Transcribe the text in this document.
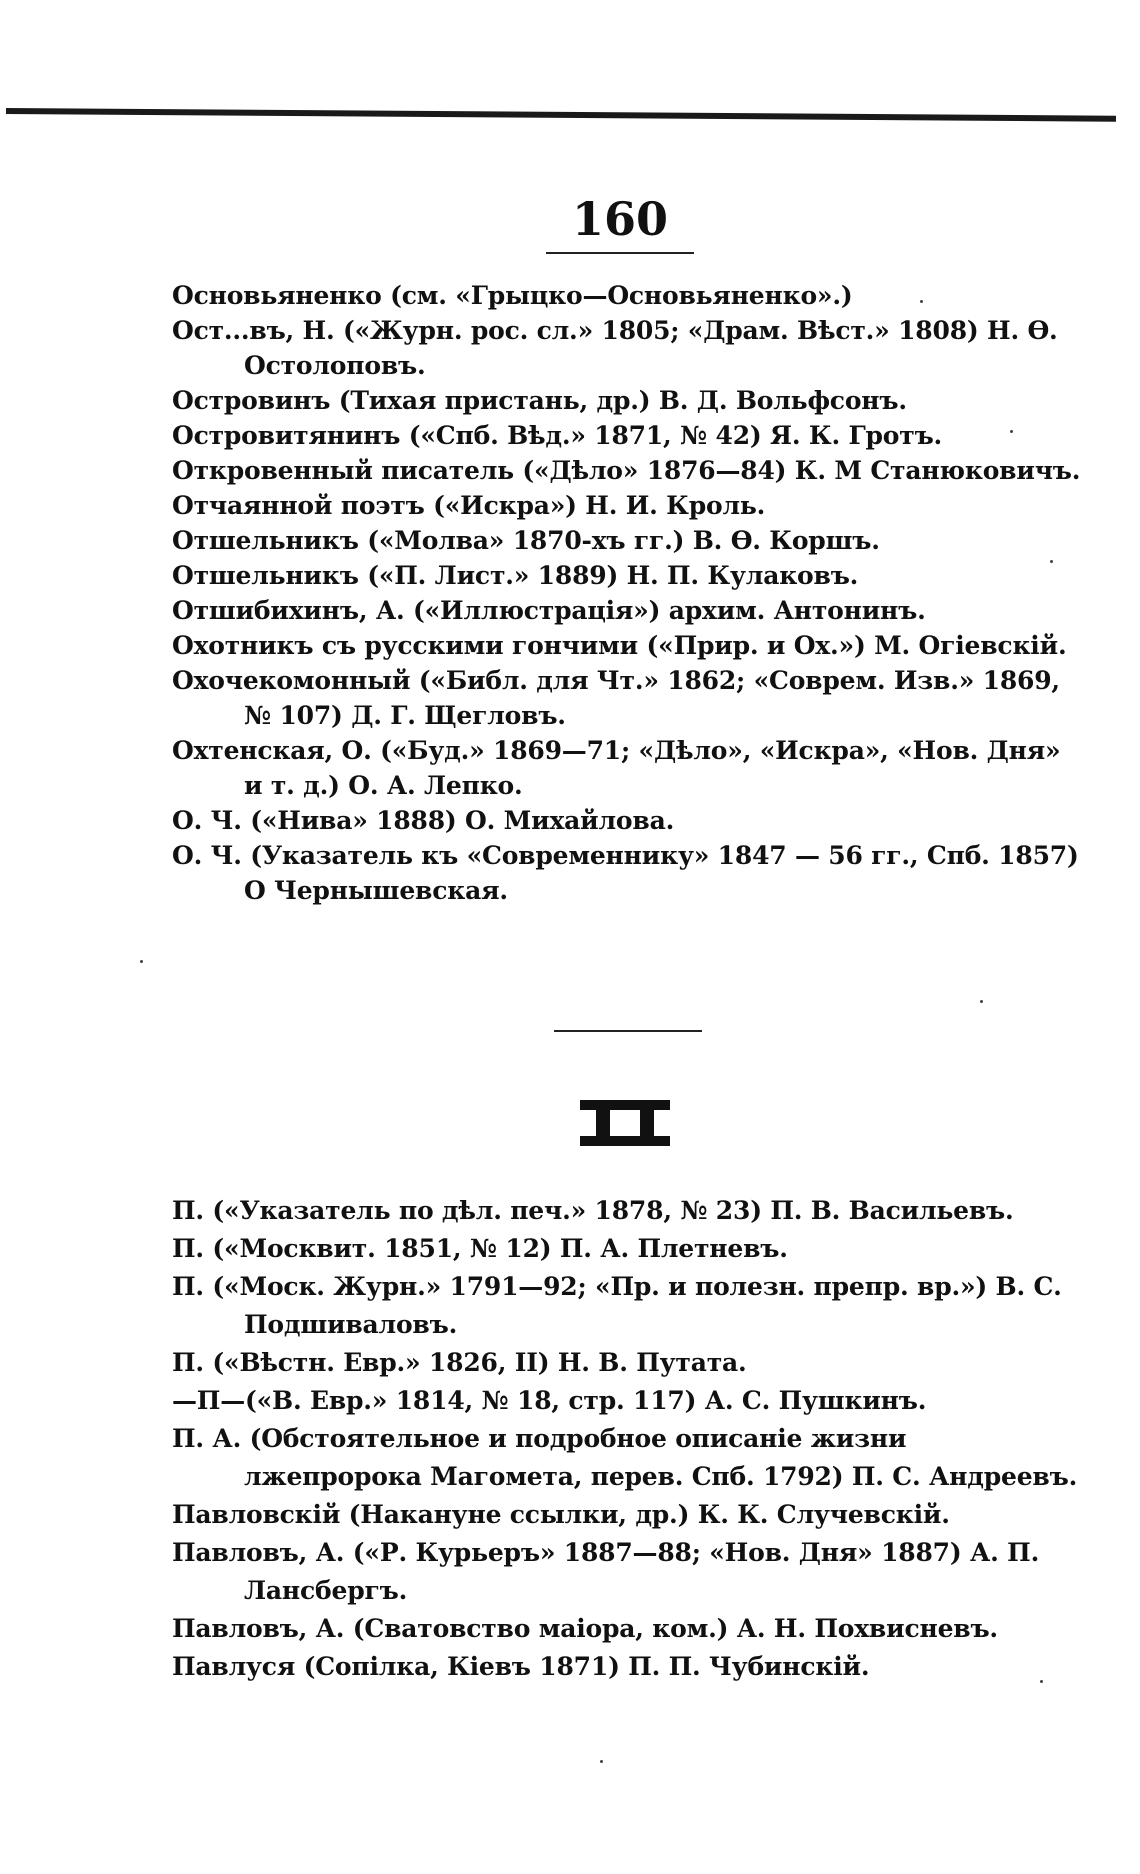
160
Основьяненко (см. «Грыцко—Основьяненко».)
Ост...въ, Н. («Журн. рос. сл.» 1805; «Драм. Вѣст.» 1808) Н. Ѳ. Остолоповъ.
Островинъ (Тихая пристань, др.) В. Д. Вольфсонъ.
Островитянинъ («Спб. Вѣд.» 1871, № 42) Я. К. Гротъ.
Откровенный писатель («Дѣло» 1876—84) К. М Станюковичъ.
Отчаянной поэтъ («Искра») Н. И. Кроль.
Отшельникъ («Молва» 1870-хъ гг.) В. Ѳ. Коршъ.
Отшельникъ («П. Лист.» 1889) Н. П. Кулаковъ.
Отшибихинъ, А. («Иллюстрація») архим. Антонинъ.
Охотникъ съ русскими гончими («Прир. и Ох.») М. Огіевскій.
Охочекомонный («Библ. для Чт.» 1862; «Соврем. Изв.» 1869, № 107) Д. Г. Щегловъ.
Охтенская, О. («Буд.» 1869—71; «Дѣло», «Искра», «Нов. Дня» и т. д.) О. А. Лепко.
О. Ч. («Нива» 1888) О. Михайлова.
О. Ч. (Указатель къ «Современнику» 1847 — 56 гг., Спб. 1857) О Чернышевская.
П. («Указатель по дѣл. печ.» 1878, № 23) П. В. Васильевъ.
П. («Москвит. 1851, № 12) П. А. Плетневъ.
П. («Моск. Журн.» 1791—92; «Пр. и полезн. препр. вр.») В. С. Подшиваловъ.
П. («Вѣстн. Евр.» 1826, II) Н. В. Путата.
—П—(«В. Евр.» 1814, № 18, стр. 117) А. С. Пушкинъ.
П. А. (Обстоятельное и подробное описаніе жизни лжепророка Магомета, перев. Спб. 1792) П. С. Андреевъ.
Павловскій (Накануне ссылки, др.) К. К. Случевскій.
Павловъ, А. («Р. Курьеръ» 1887—88; «Нов. Дня» 1887) А. П. Лансбергъ.
Павловъ, А. (Сватовство маіора, ком.) А. Н. Похвисневъ.
Павлуся (Сопілка, Кіевъ 1871) П. П. Чубинскій.
